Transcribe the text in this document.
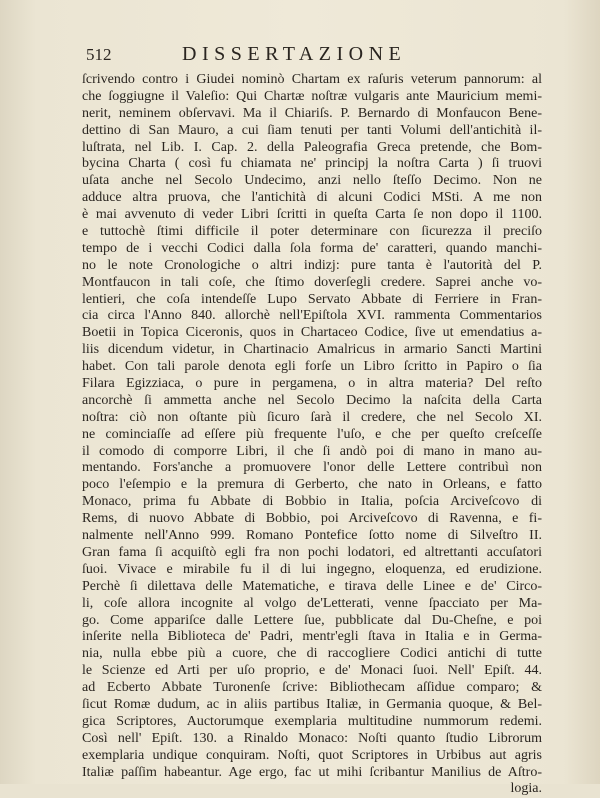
512	DISSERTAZIONE
ſcrivendo contro i Giudei nominò Chartam ex raſuris veterum pannorum: al
che ſoggiugne il Valeſio: Qui Chartæ noſtræ vulgaris ante Mauricium memi-
nerit, neminem obſervavi. Ma il Chiariſs. P. Bernardo di Monfaucon Bene-
dettino di San Mauro, a cui ſiam tenuti per tanti Volumi dell'antichità il-
luſtrata, nel Lib. I. Cap. 2. della Paleografia Greca pretende, che Bom-
bycina Charta ( così fu chiamata ne' principj la noſtra Carta ) ſi truovi
uſata anche nel Secolo Undecimo, anzi nello ſteſſo Decimo. Non ne
adduce altra pruova, che l'antichità di alcuni Codici MSti. A me non
è mai avvenuto di veder Libri ſcritti in queſta Carta ſe non dopo il 1100.
e tuttochè ſtimi difficile il poter determinare con ſicurezza il preciſo
tempo de i vecchi Codici dalla ſola forma de' caratteri, quando manchi-
no le note Cronologiche o altri indizj: pure tanta è l'autorità del P.
Montfaucon in tali coſe, che ſtimo doverſegli credere. Saprei anche vo-
lentieri, che coſa intendeſſe Lupo Servato Abbate di Ferriere in Fran-
cia circa l'Anno 840. allorchè nell'Epiſtola XVI. rammenta Commentarios
Boetii in Topica Ciceronis, quos in Chartaceo Codice, ſive ut emendatius a-
liis dicendum videtur, in Chartinacio Amalricus in armario Sancti Martini
habet. Con tali parole denota egli forſe un Libro ſcritto in Papiro o ſia
Filara Egizziaca, o pure in pergamena, o in altra materia? Del reſto
ancorchè ſi ammetta anche nel Secolo Decimo la naſcita della Carta
noſtra: ciò non oſtante più ſicuro ſarà il credere, che nel Secolo XI.
ne cominciaſſe ad eſſere più frequente l'uſo, e che per queſto creſceſſe
il comodo di comporre Libri, il che ſi andò poi di mano in mano au-
mentando. Fors'anche a promuovere l'onor delle Lettere contribuì non
poco l'eſempio e la premura di Gerberto, che nato in Orleans, e fatto
Monaco, prima fu Abbate di Bobbio in Italia, poſcia Arciveſcovo di
Rems, di nuovo Abbate di Bobbio, poi Arciveſcovo di Ravenna, e fi-
nalmente nell'Anno 999. Romano Pontefice ſotto nome di Silveſtro II.
Gran fama ſi acquiſtò egli fra non pochi lodatori, ed altrettanti accuſatori
ſuoi. Vivace e mirabile fu il di lui ingegno, eloquenza, ed erudizione.
Perchè ſi dilettava delle Matematiche, e tirava delle Linee e de' Circo-
li, coſe allora incognite al volgo de'Letterati, venne ſpacciato per Ma-
go. Come appariſce dalle Lettere ſue, pubblicate dal Du-Cheſne, e poi
inſerite nella Biblioteca de' Padri, mentr'egli ſtava in Italia e in Germa-
nia, nulla ebbe più a cuore, che di raccogliere Codici antichi di tutte
le Scienze ed Arti per uſo proprio, e de' Monaci ſuoi. Nell' Epiſt. 44.
ad Ecberto Abbate Turonenſe ſcrive: Bibliothecam aſſidue comparo; &
ſicut Romæ dudum, ac in aliis partibus Italiæ, in Germania quoque, & Bel-
gica Scriptores, Auctorumque exemplaria multitudine nummorum redemi.
Così nell' Epiſt. 130. a Rinaldo Monaco: Noſti quanto ſtudio Librorum
exemplaria undique conquiram. Noſti, quot Scriptores in Urbibus aut agris
Italiæ paſſim habeantur. Age ergo, fac ut mihi ſcribantur Manilius de Aſtro-
logia.
